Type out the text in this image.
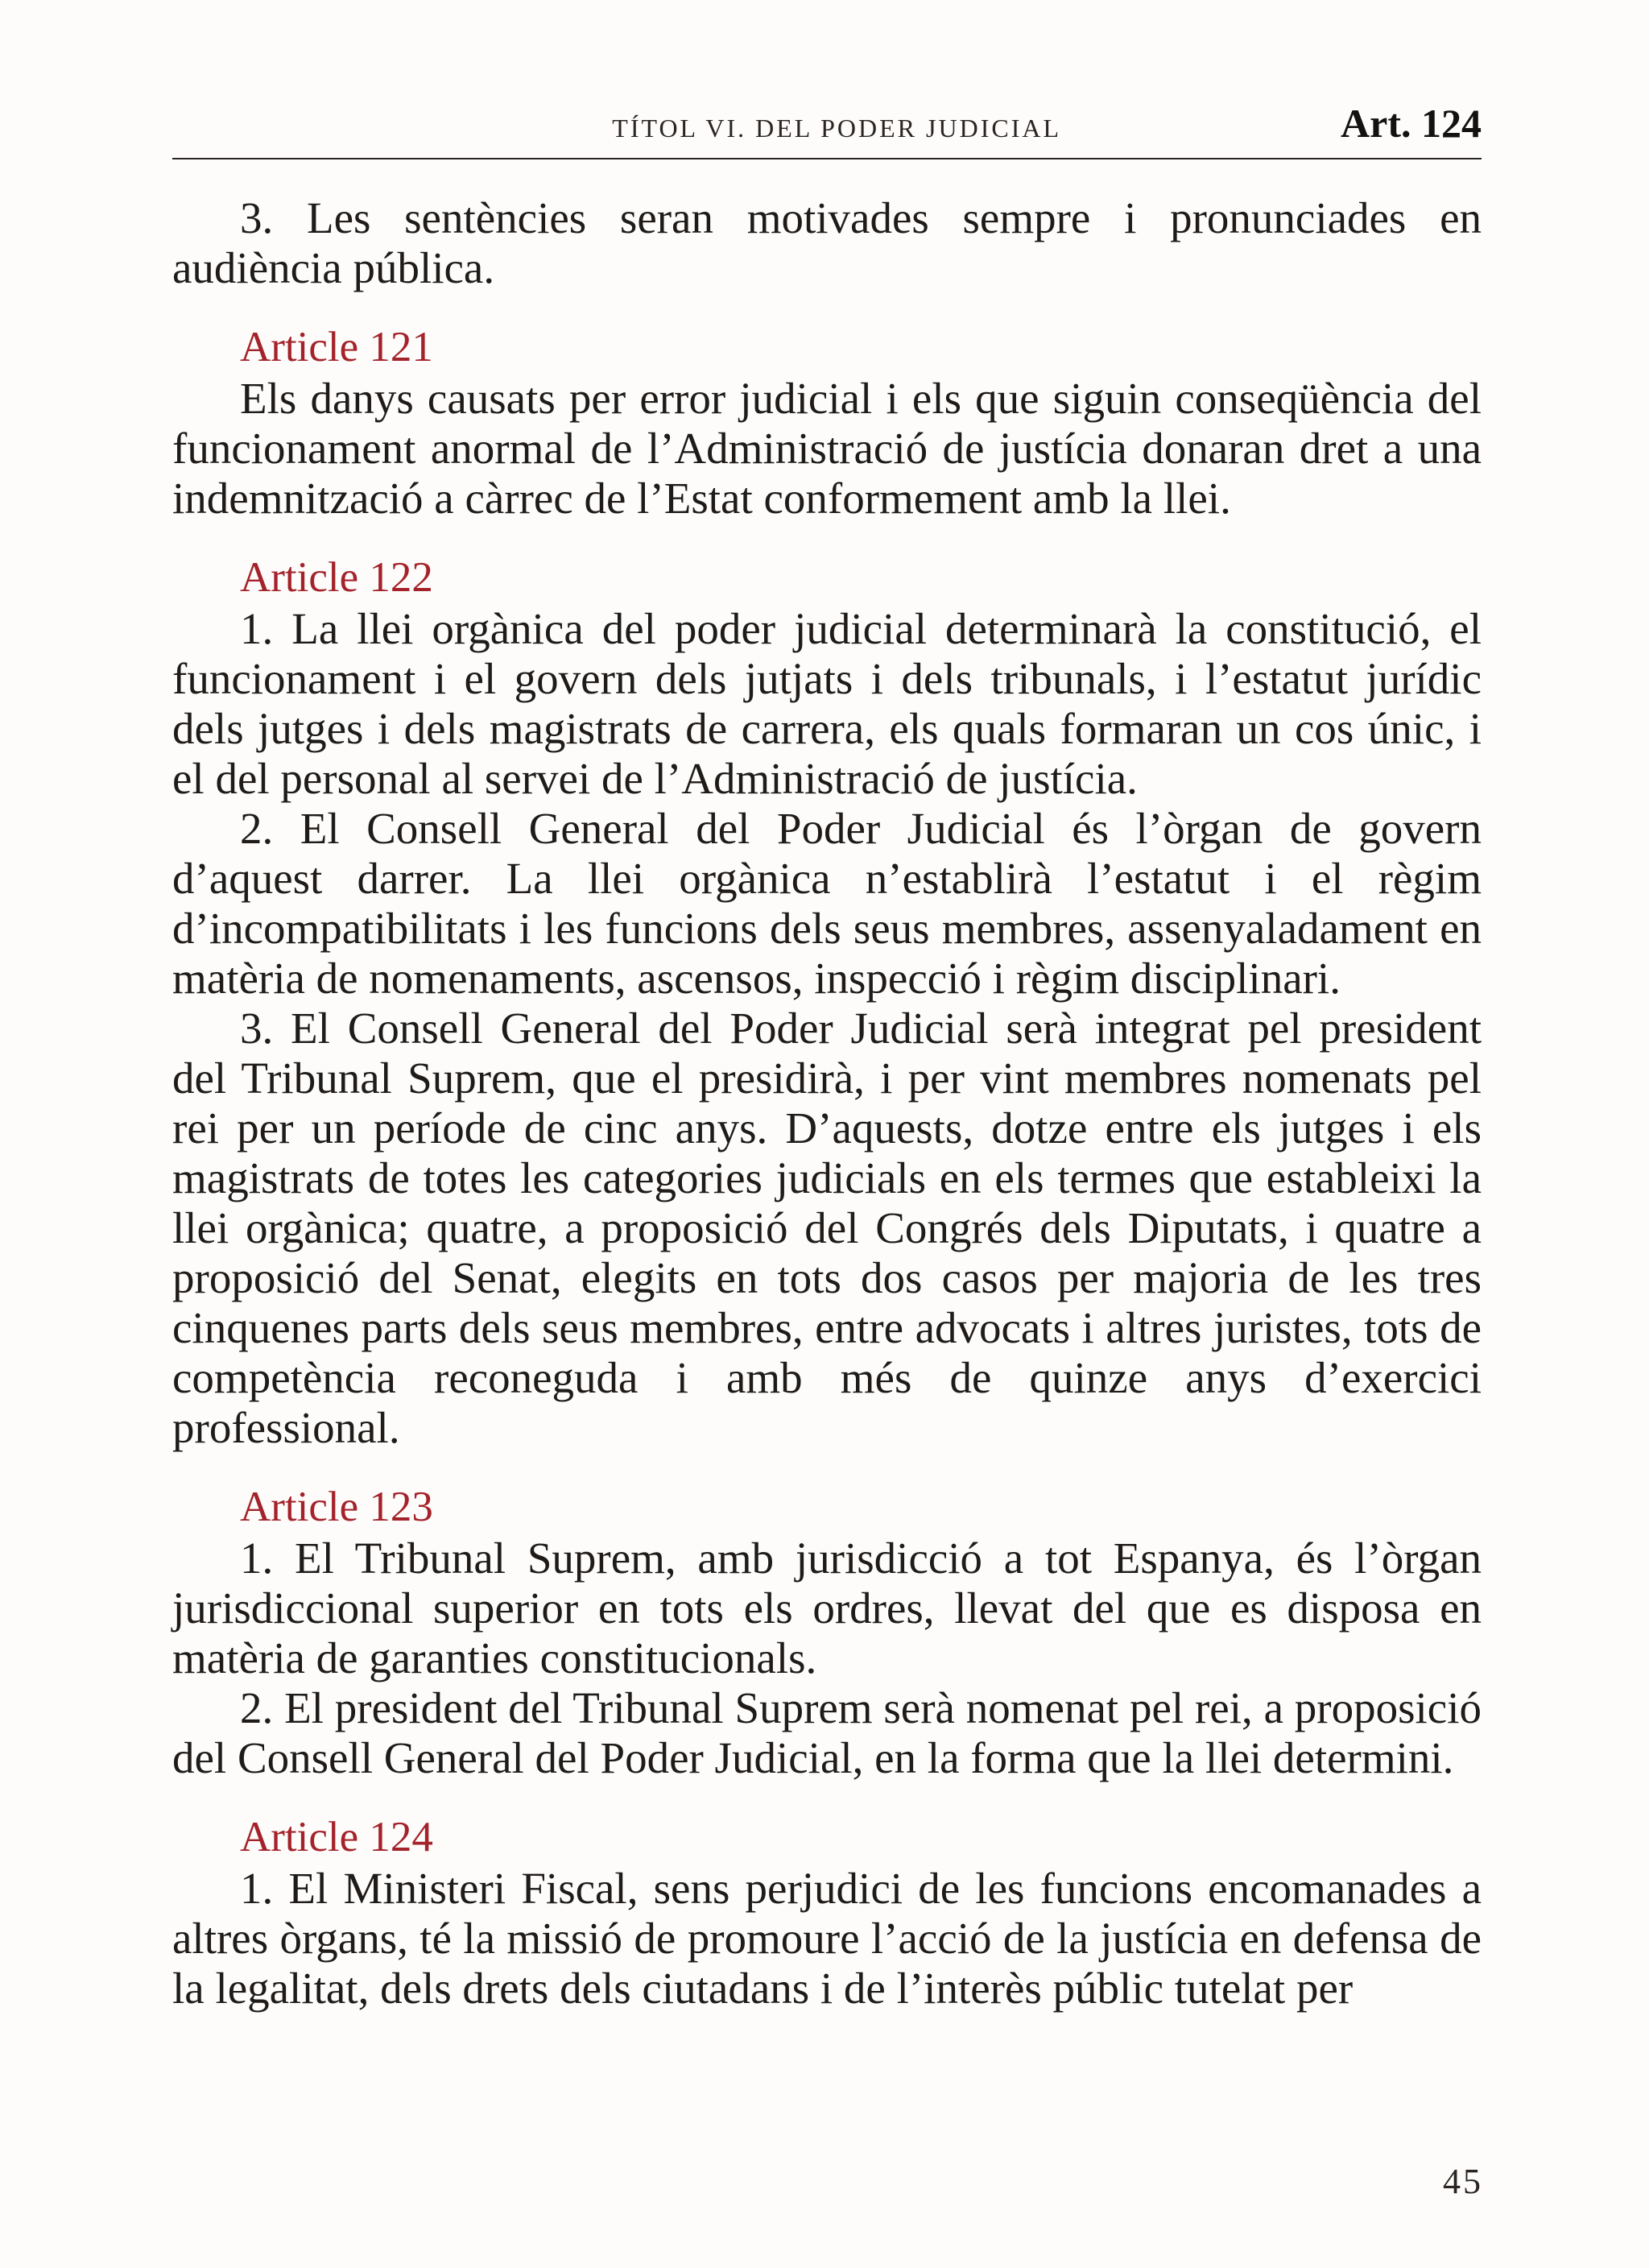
TÍTOL VI. DEL PODER JUDICIAL	Art. 124

3. Les sentències seran motivades sempre i pronunciades en audiència pública.

Article 121

Els danys causats per error judicial i els que siguin conseqüència del funcionament anormal de l’Administració de justícia donaran dret a una indemnització a càrrec de l’Estat conformement amb la llei.

Article 122

1. La llei orgànica del poder judicial determinarà la constitució, el funcionament i el govern dels jutjats i dels tribunals, i l’estatut jurídic dels jutges i dels magistrats de carrera, els quals formaran un cos únic, i el del personal al servei de l’Administració de justícia.

2. El Consell General del Poder Judicial és l’òrgan de govern d’aquest darrer. La llei orgànica n’establirà l’estatut i el règim d’incompatibilitats i les funcions dels seus membres, assenyaladament en matèria de nomenaments, ascensos, inspecció i règim disciplinari.

3. El Consell General del Poder Judicial serà integrat pel president del Tribunal Suprem, que el presidirà, i per vint membres nomenats pel rei per un període de cinc anys. D’aquests, dotze entre els jutges i els magistrats de totes les categories judicials en els termes que estableixi la llei orgànica; quatre, a proposició del Congrés dels Diputats, i quatre a proposició del Senat, elegits en tots dos casos per majoria de les tres cinquenes parts dels seus membres, entre advocats i altres juristes, tots de competència reconeguda i amb més de quinze anys d’exercici professional.

Article 123

1. El Tribunal Suprem, amb jurisdicció a tot Espanya, és l’òrgan jurisdiccional superior en tots els ordres, llevat del que es disposa en matèria de garanties constitucionals.

2. El president del Tribunal Suprem serà nomenat pel rei, a proposició del Consell General del Poder Judicial, en la forma que la llei determini.

Article 124

1. El Ministeri Fiscal, sens perjudici de les funcions encomanades a altres òrgans, té la missió de promoure l’acció de la justícia en defensa de la legalitat, dels drets dels ciutadans i de l’interès públic tutelat per

45
